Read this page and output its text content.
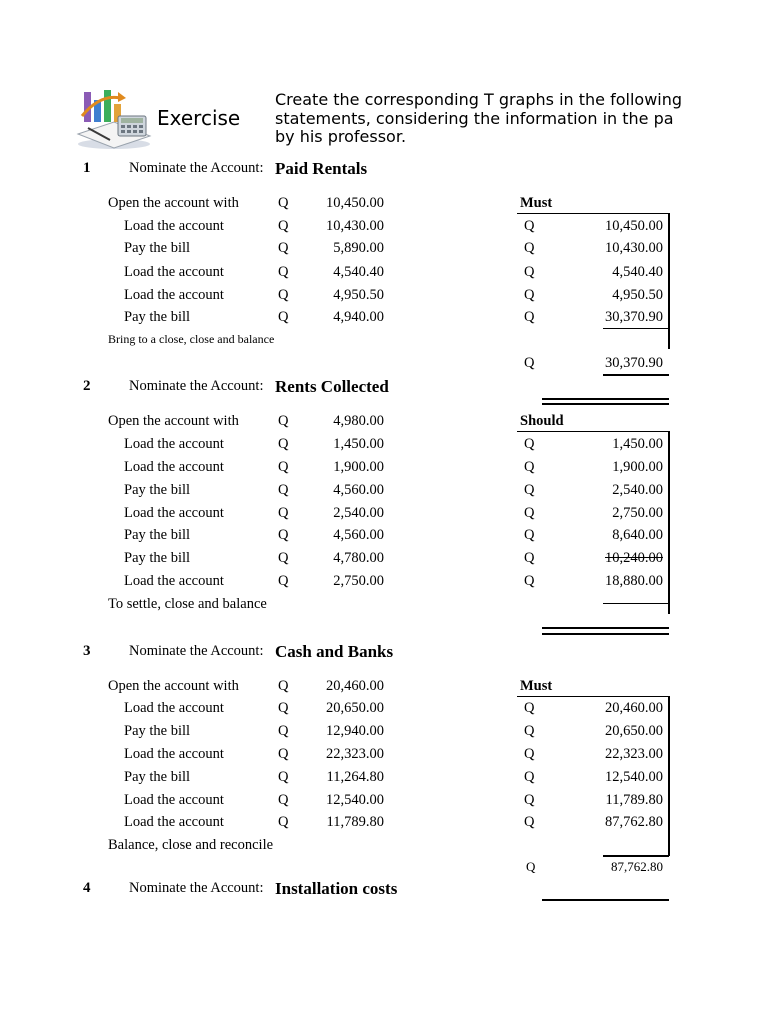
Exercise
Create the corresponding T graphs in the following
statements, considering the information in the pa
by his professor.
1	Nominate the Account: Paid Rentals
Open the account with	Q	10,450.00
Load the account	Q	10,430.00
Pay the bill	Q	5,890.00
Load the account	Q	4,540.40
Load the account	Q	4,950.50
Pay the bill	Q	4,940.00
Bring to a close, close and balance
Must
Q	10,450.00
Q	10,430.00
Q	4,540.40
Q	4,950.50
Q	30,370.90
Q	30,370.90
2	Nominate the Account: Rents Collected
Open the account with	Q	4,980.00
Load the account	Q	1,450.00
Load the account	Q	1,900.00
Pay the bill	Q	4,560.00
Load the account	Q	2,540.00
Pay the bill	Q	4,560.00
Pay the bill	Q	4,780.00
Load the account	Q	2,750.00
To settle, close and balance
Should
Q	1,450.00
Q	1,900.00
Q	2,540.00
Q	2,750.00
Q	8,640.00
Q	10,240.00
Q	18,880.00
3	Nominate the Account: Cash and Banks
Open the account with	Q	20,460.00
Load the account	Q	20,650.00
Pay the bill	Q	12,940.00
Load the account	Q	22,323.00
Pay the bill	Q	11,264.80
Load the account	Q	12,540.00
Load the account	Q	11,789.80
Balance, close and reconcile
Must
Q	20,460.00
Q	20,650.00
Q	22,323.00
Q	12,540.00
Q	11,789.80
Q	87,762.80
Q	87,762.80
4	Nominate the Account: Installation costs
